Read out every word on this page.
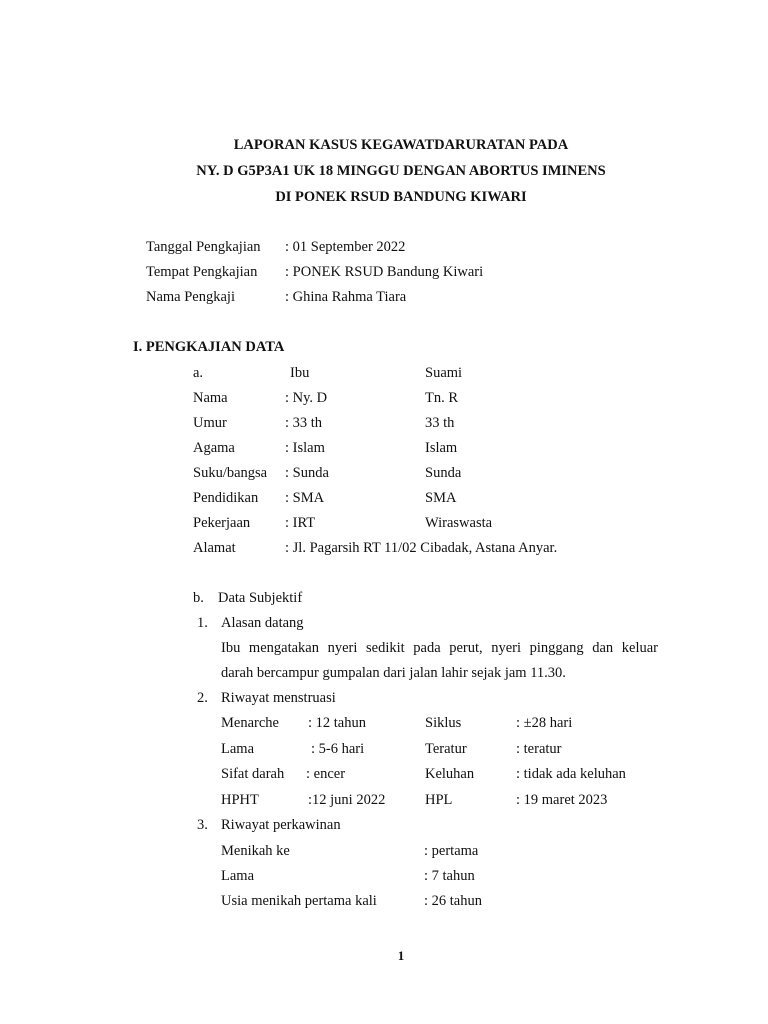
LAPORAN KASUS KEGAWATDARURATAN PADA
NY. D G5P3A1 UK 18 MINGGU DENGAN ABORTUS IMINENS
DI PONEK RSUD BANDUNG KIWARI
Tanggal Pengkajian : 01 September 2022
Tempat Pengkajian : PONEK RSUD Bandung Kiwari
Nama Pengkaji	: Ghina Rahma Tiara
I. PENGKAJIAN DATA
a.	Ibu	Suami
Nama	: Ny. D	Tn. R
Umur	: 33 th	33 th
Agama	: Islam	Islam
Suku/bangsa : Sunda	Sunda
Pendidikan : SMA	SMA
Pekerjaan : IRT	Wiraswasta
Alamat	: Jl. Pagarsih RT 11/02 Cibadak, Astana Anyar.
b. Data Subjektif
1. Alasan datang
Ibu mengatakan nyeri sedikit pada perut, nyeri pinggang dan keluar
darah bercampur gumpalan dari jalan lahir sejak jam 11.30.
2. Riwayat menstruasi
Menarche : 12 tahun	Siklus	: ±28 hari
Lama	: 5-6 hari	Teratur	: teratur
Sifat darah : encer	Keluhan	: tidak ada keluhan
HPHT	:12 juni 2022	HPL	: 19 maret 2023
3. Riwayat perkawinan
Menikah ke	: pertama
Lama	: 7 tahun
Usia menikah pertama kali	: 26 tahun
1
